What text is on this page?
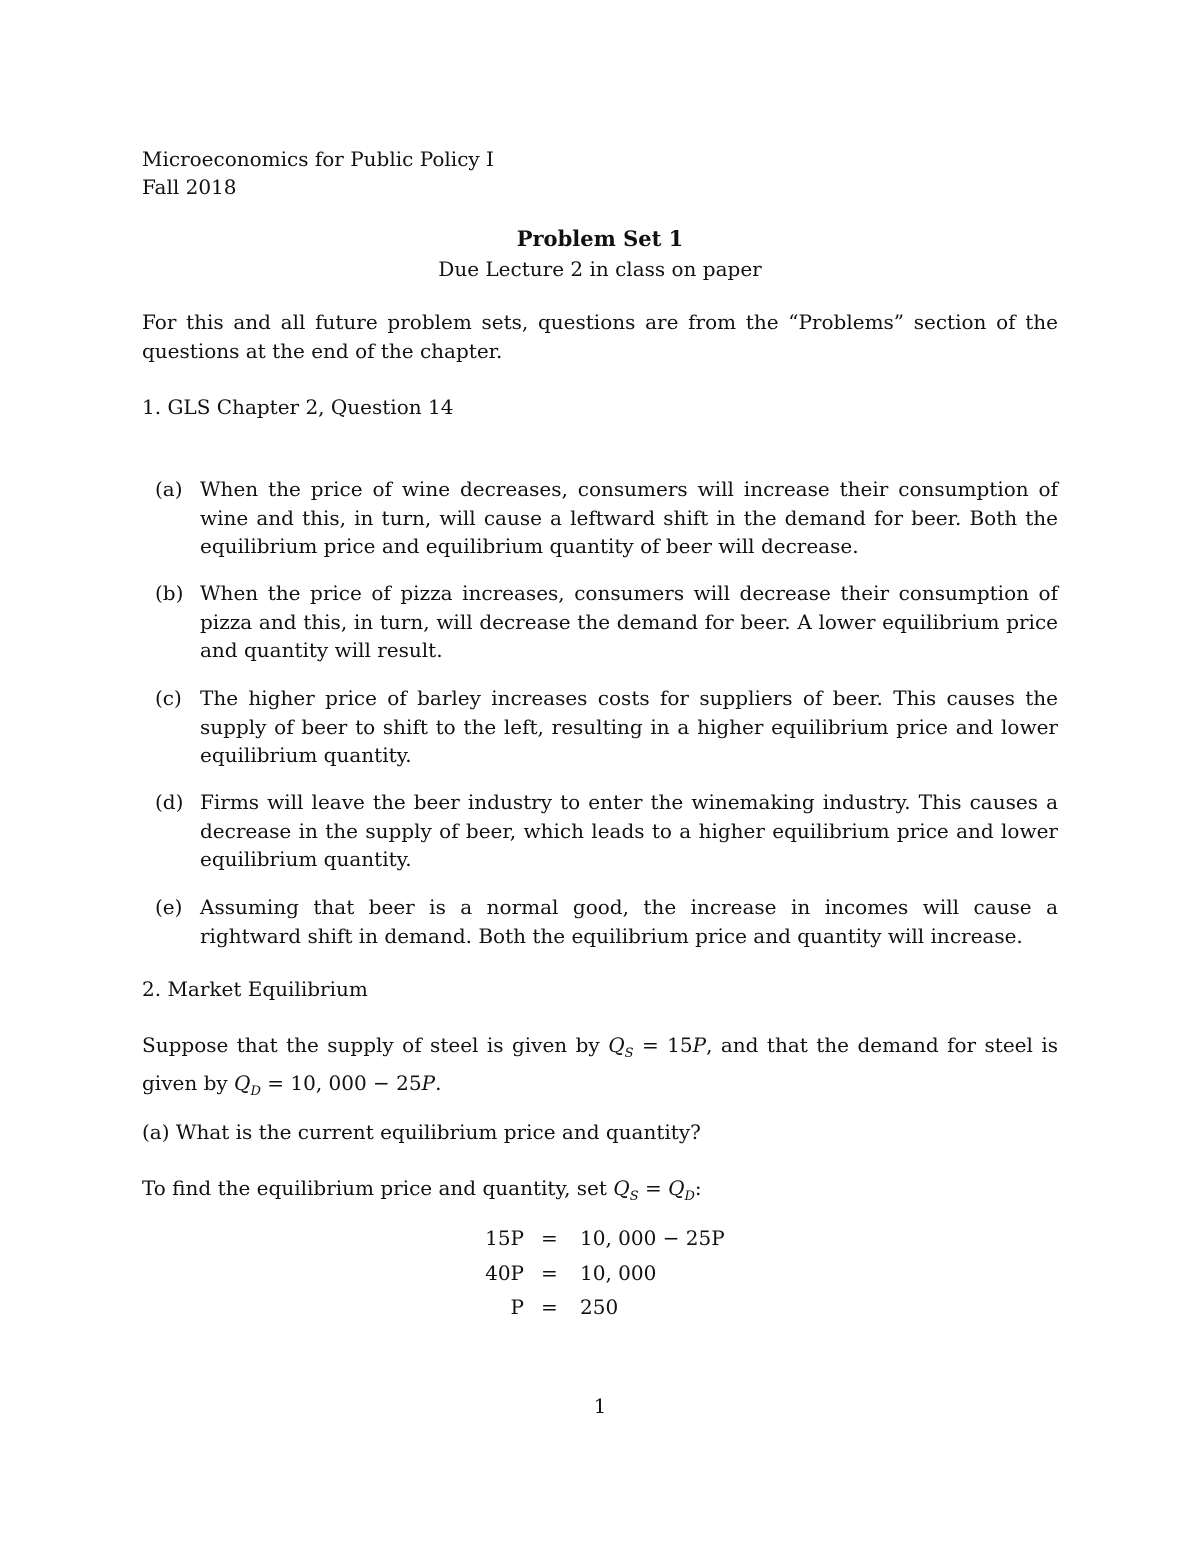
Microeconomics for Public Policy I
Fall 2018
Problem Set 1
Due Lecture 2 in class on paper
For this and all future problem sets, questions are from the “Problems” section of the questions at the end of the chapter.
1. GLS Chapter 2, Question 14
(a) When the price of wine decreases, consumers will increase their consumption of wine and this, in turn, will cause a leftward shift in the demand for beer. Both the equilibrium price and equilibrium quantity of beer will decrease.
(b) When the price of pizza increases, consumers will decrease their consumption of pizza and this, in turn, will decrease the demand for beer. A lower equilibrium price and quantity will result.
(c) The higher price of barley increases costs for suppliers of beer. This causes the supply of beer to shift to the left, resulting in a higher equilibrium price and lower equilibrium quantity.
(d) Firms will leave the beer industry to enter the winemaking industry. This causes a decrease in the supply of beer, which leads to a higher equilibrium price and lower equilibrium quantity.
(e) Assuming that beer is a normal good, the increase in incomes will cause a rightward shift in demand. Both the equilibrium price and quantity will increase.
2. Market Equilibrium
Suppose that the supply of steel is given by $Q_S = 15P$, and that the demand for steel is given by $Q_D = 10$, 000 − 25P.
(a) What is the current equilibrium price and quantity?
To find the equilibrium price and quantity, set $Q_S = Q_D$:
15P = 10, 000 − 25P
40P = 10, 000
P = 250
1
